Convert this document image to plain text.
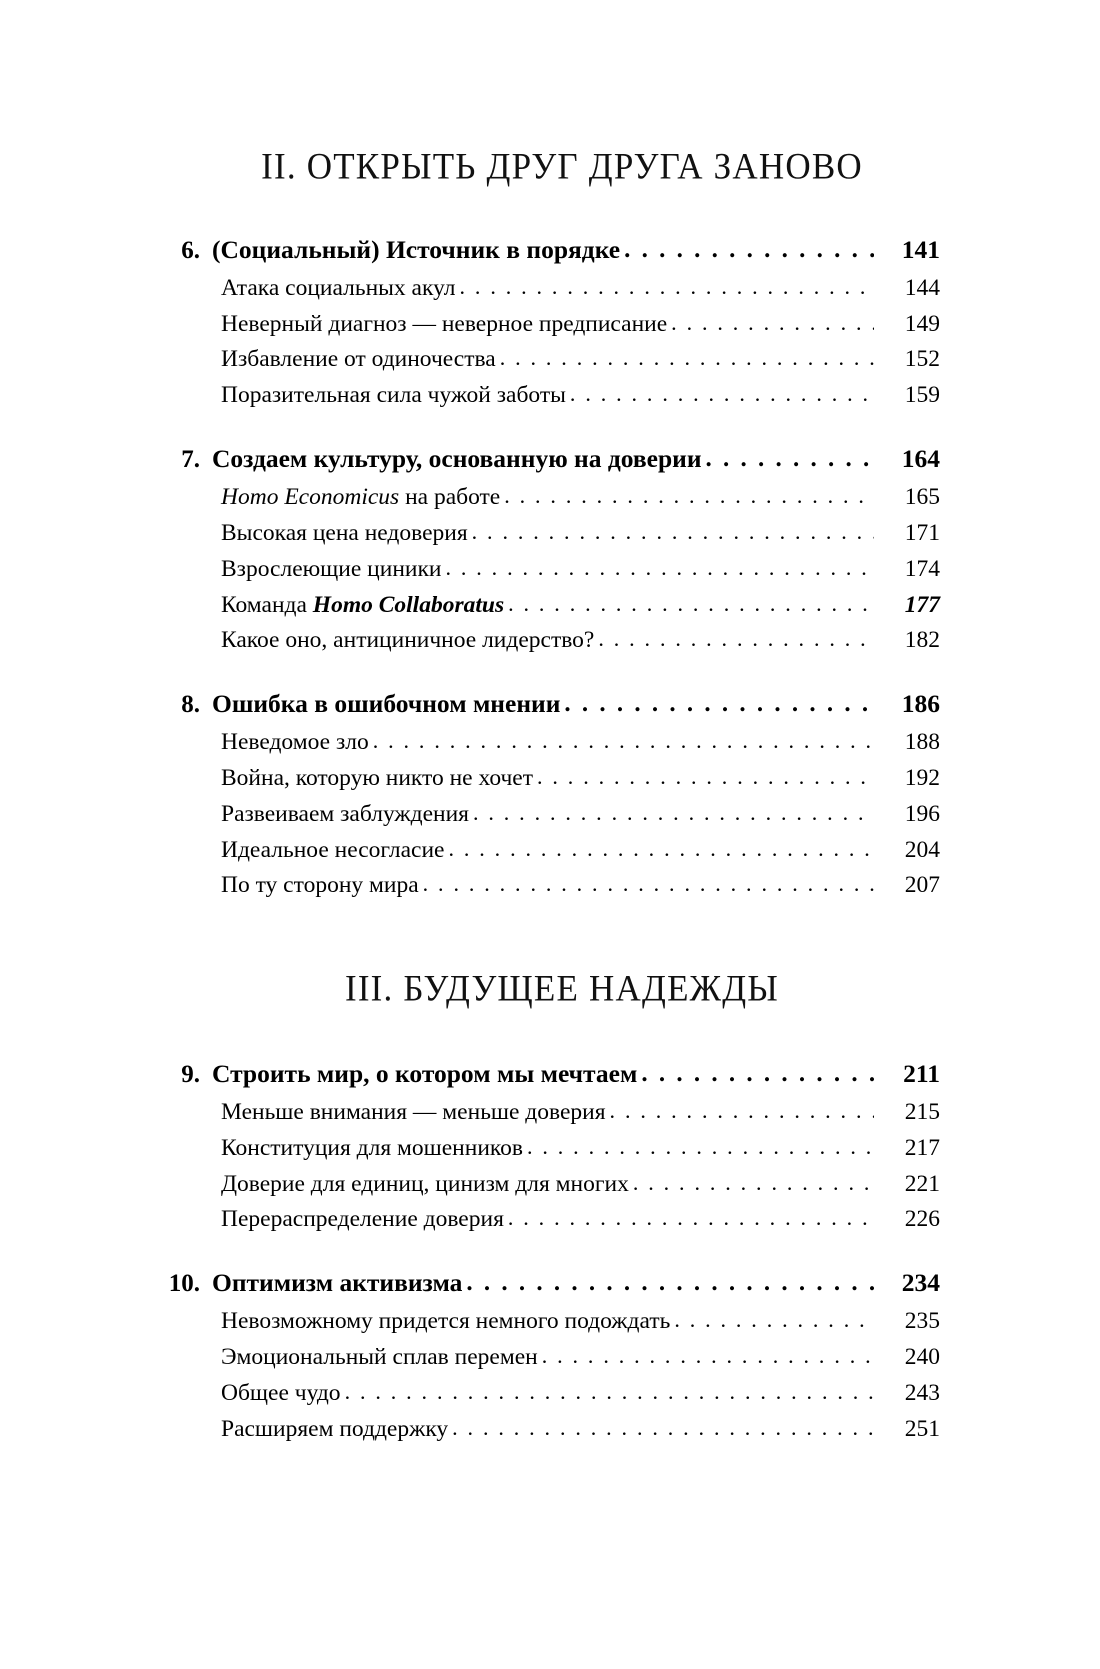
II. ОТКРЫТЬ ДРУГ ДРУГА ЗАНОВО
6. (Социальный) Источник в порядке . . .	141
Атака социальных акул . . .	144
Неверный диагноз — неверное предписание . . .	149
Избавление от одиночества . . .	152
Поразительная сила чужой заботы . . .	159
7. Создаем культуру, основанную на доверии . . .	164
Homo Economicus на работе . . .	165
Высокая цена недоверия . . .	171
Взрослеющие циники . . .	174
Команда Homo Collaboratus . . .	177
Какое оно, антициничное лидерство? . . .	182
8. Ошибка в ошибочном мнении . . .	186
Неведомое зло . . .	188
Война, которую никто не хочет . . .	192
Развеиваем заблуждения . . .	196
Идеальное несогласие . . .	204
По ту сторону мира . . .	207
III. БУДУЩЕЕ НАДЕЖДЫ
9. Строить мир, о котором мы мечтаем . . .	211
Меньше внимания — меньше доверия . . .	215
Конституция для мошенников . . .	217
Доверие для единиц, цинизм для многих . . .	221
Перераспределение доверия . . .	226
10. Оптимизм активизма . . .	234
Невозможному придется немного подождать . . .	235
Эмоциональный сплав перемен . . .	240
Общее чудо . . .	243
Расширяем поддержку . . .	251
